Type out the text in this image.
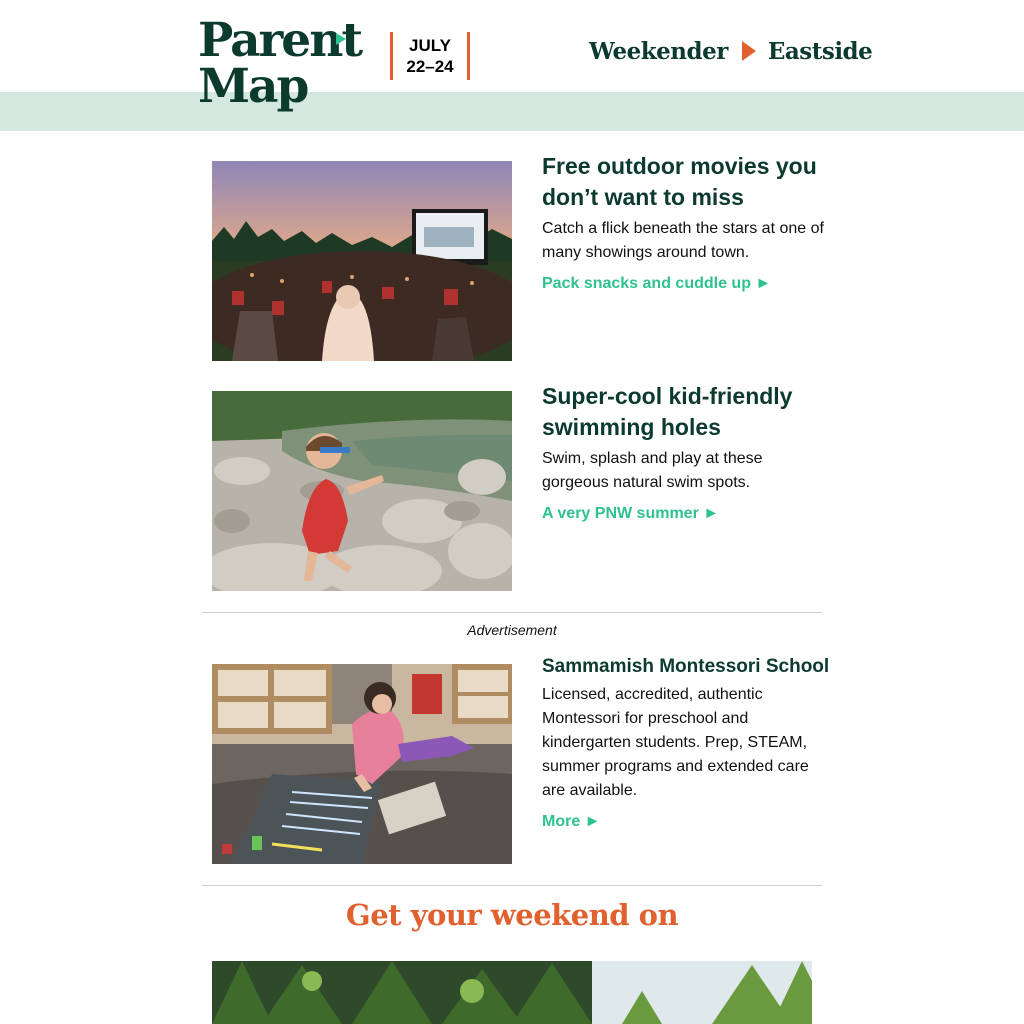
Parent
Map
JULY
22–24
Weekender Eastside
Free outdoor movies you don’t want to miss

Catch a flick beneath the stars at one of many showings around town.

Pack snacks and cuddle up ►
Super-cool kid-friendly swimming holes

Swim, splash and play at these gorgeous natural swim spots.

A very PNW summer ►
Advertisement
Sammamish Montessori School

Licensed, accredited, authentic Montessori for preschool and kindergarten students. Prep, STEAM, summer programs and extended care are available.

More ►
Get your weekend on
